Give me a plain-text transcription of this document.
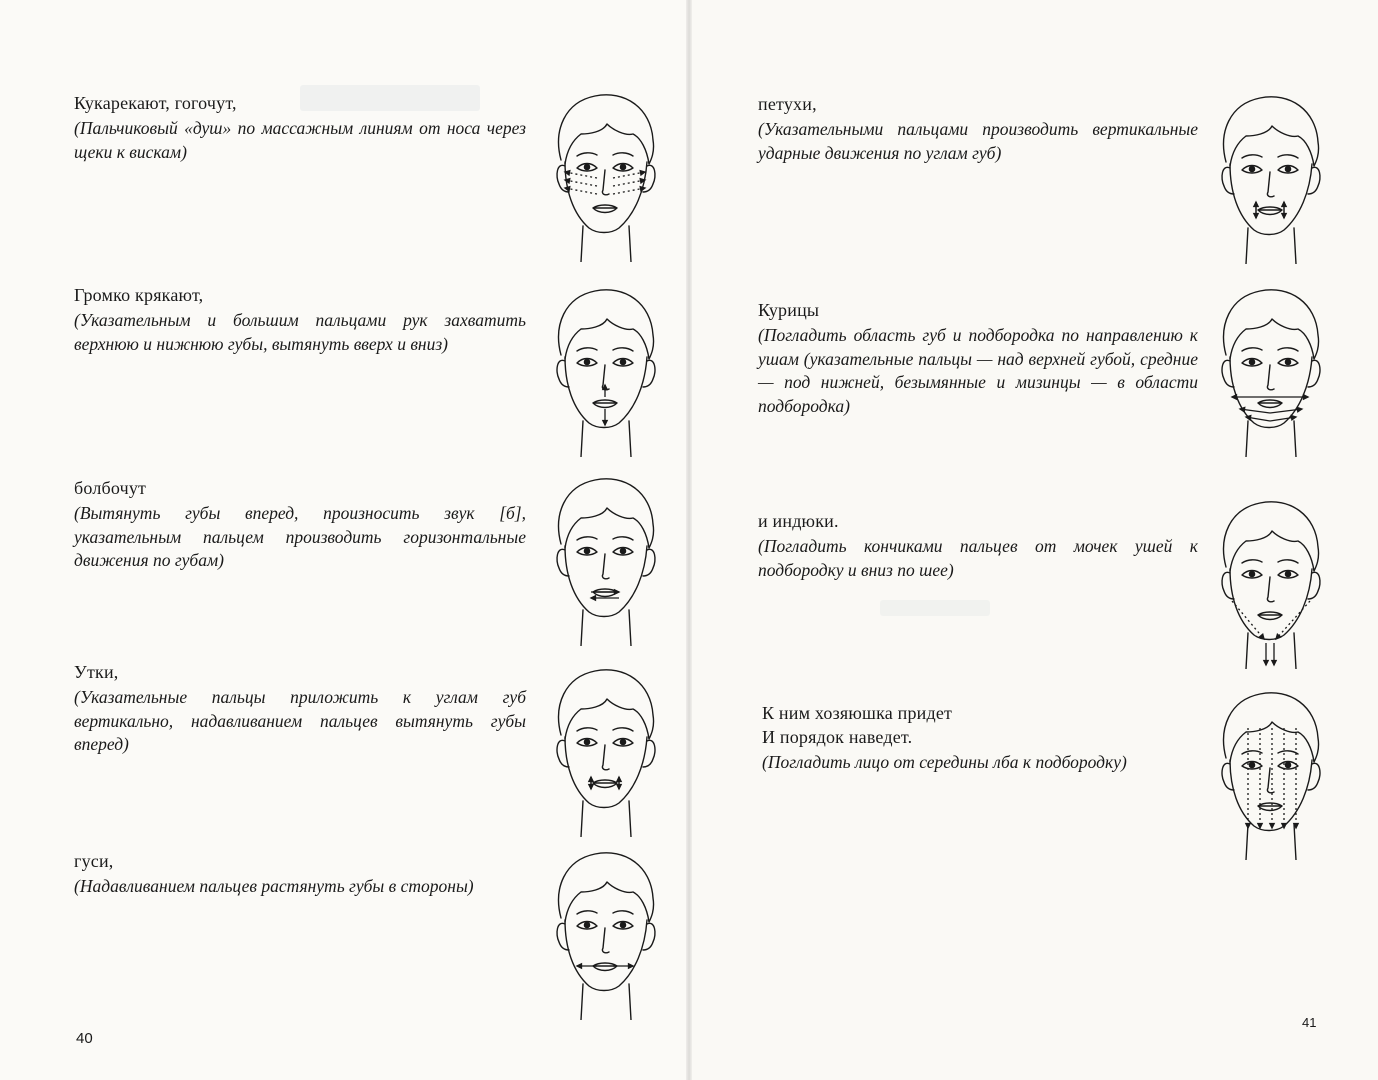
Кукарекают, гогочут,
(Пальчиковый «душ» по массажным линиям от носа через щеки к вискам)
Громко крякают,
(Указательным и большим пальцами рук захватить верхнюю и нижнюю губы, вытянуть вверх и вниз)
болбочут
(Вытянуть губы вперед, произносить звук [б], указательным пальцем производить горизонтальные движения по губам)
Утки,
(Указательные пальцы приложить к углам губ вертикально, надавливанием пальцев вытянуть губы вперед)
гуси,
(Надавливанием пальцев растянуть губы в стороны)
40
петухи,
(Указательными пальцами производить вертикальные ударные движения по углам губ)
Курицы
(Погладить область губ и подбородка по направлению к ушам (указательные пальцы — над верхней губой, средние — под нижней, безымянные и мизинцы — в области подбородка)
и индюки.
(Погладить кончиками пальцев от мочек ушей к подбородку и вниз по шее)
К ним хозяюшка придет
И порядок наведет.
(Погладить лицо от середины лба к подбородку)
41
